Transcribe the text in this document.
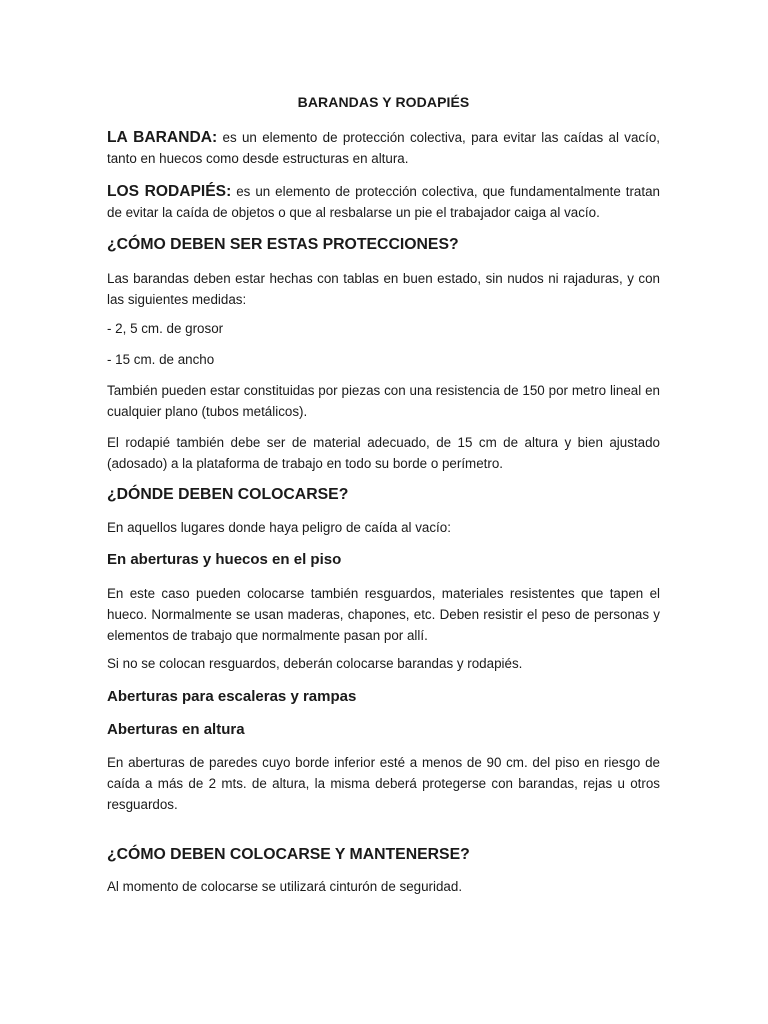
BARANDAS Y RODAPIÉS

LA BARANDA: es un elemento de protección colectiva, para evitar las caídas al vacío, tanto en huecos como desde estructuras en altura.

LOS RODAPIÉS: es un elemento de protección colectiva, que fundamentalmente tratan de evitar la caída de objetos o que al resbalarse un pie el trabajador caiga al vacío.

¿CÓMO DEBEN SER ESTAS PROTECCIONES?

Las barandas deben estar hechas con tablas en buen estado, sin nudos ni rajaduras, y con las siguientes medidas:

- 2, 5 cm. de grosor
- 15 cm. de ancho

También pueden estar constituidas por piezas con una resistencia de 150 por metro lineal en cualquier plano (tubos metálicos).

El rodapié también debe ser de material adecuado, de 15 cm de altura y bien ajustado (adosado) a la plataforma de trabajo en todo su borde o perímetro.

¿DÓNDE DEBEN COLOCARSE?
En aquellos lugares donde haya peligro de caída al vacío:
En aberturas y huecos en el piso

En este caso pueden colocarse también resguardos, materiales resistentes que tapen el hueco. Normalmente se usan maderas, chapones, etc. Deben resistir el peso de personas y elementos de trabajo que normalmente pasan por allí.

Si no se colocan resguardos, deberán colocarse barandas y rodapiés.
Aberturas para escaleras y rampas
Aberturas en altura

En aberturas de paredes cuyo borde inferior esté a menos de 90 cm. del piso en riesgo de caída a más de 2 mts. de altura, la misma deberá protegerse con barandas, rejas u otros resguardos.

¿CÓMO DEBEN COLOCARSE Y MANTENERSE?
Al momento de colocarse se utilizará cinturón de seguridad.
